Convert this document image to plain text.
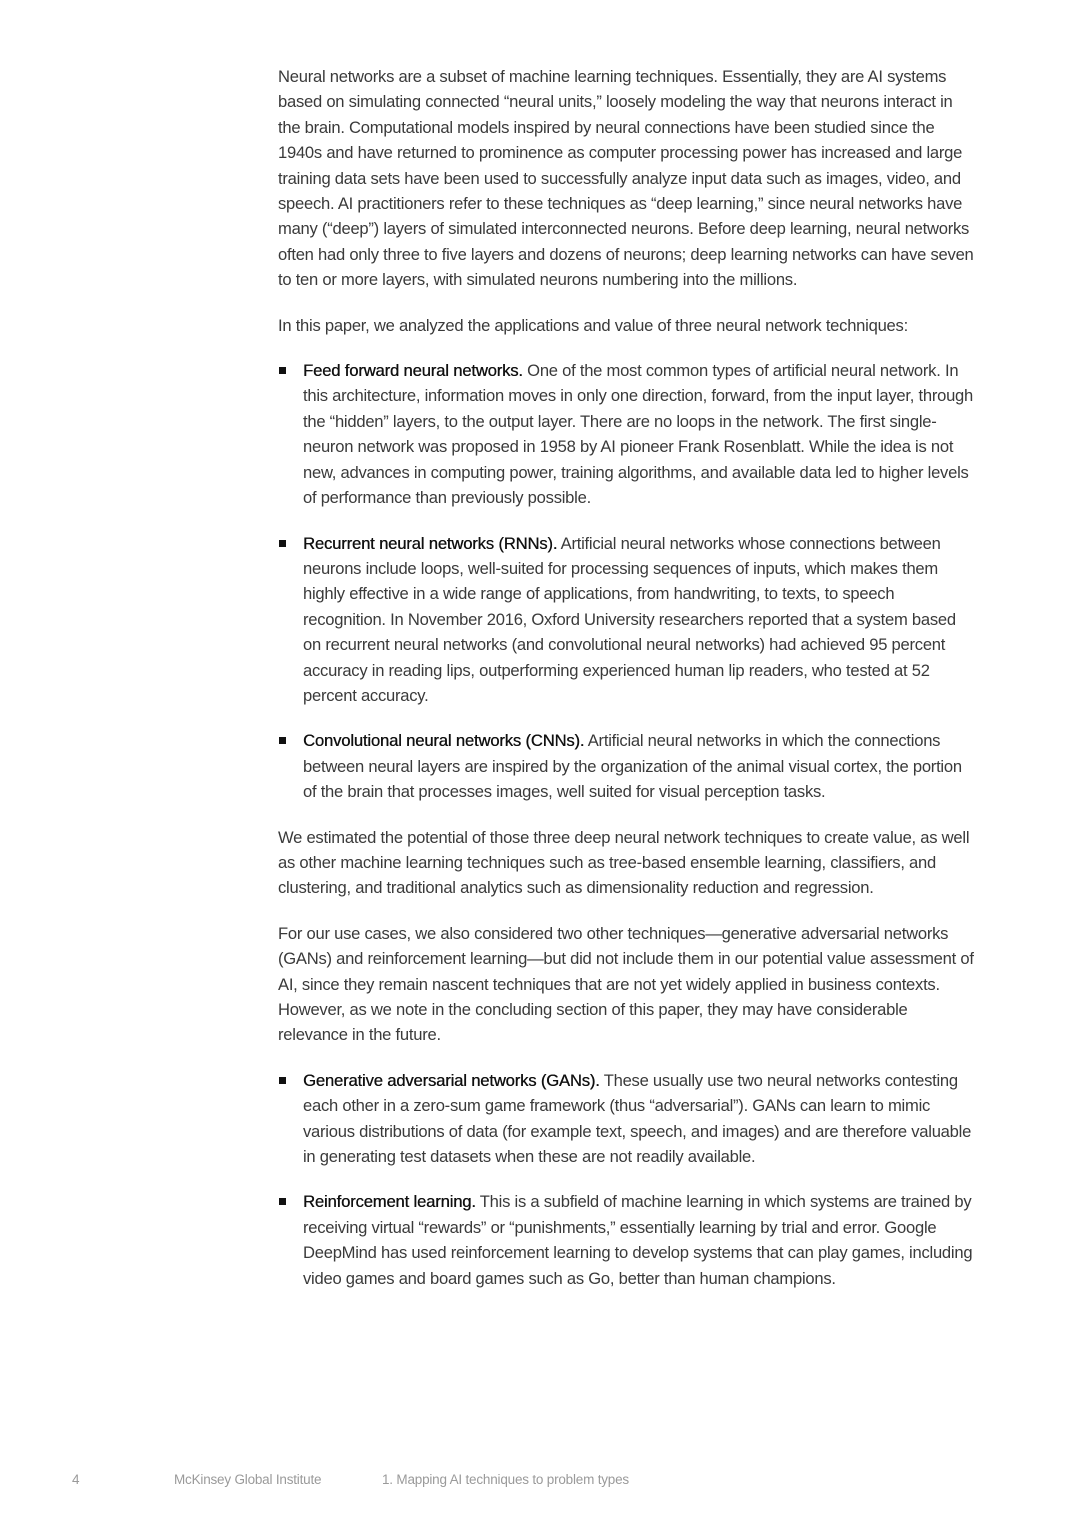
Neural networks are a subset of machine learning techniques. Essentially, they are AI systems based on simulating connected “neural units,” loosely modeling the way that neurons interact in the brain. Computational models inspired by neural connections have been studied since the 1940s and have returned to prominence as computer processing power has increased and large training data sets have been used to successfully analyze input data such as images, video, and speech. AI practitioners refer to these techniques as “deep learning,” since neural networks have many (“deep”) layers of simulated interconnected neurons. Before deep learning, neural networks often had only three to five layers and dozens of neurons; deep learning networks can have seven to ten or more layers, with simulated neurons numbering into the millions.

In this paper, we analyzed the applications and value of three neural network techniques:

Feed forward neural networks. One of the most common types of artificial neural network. In this architecture, information moves in only one direction, forward, from the input layer, through the “hidden” layers, to the output layer. There are no loops in the network. The first single-neuron network was proposed in 1958 by AI pioneer Frank Rosenblatt. While the idea is not new, advances in computing power, training algorithms, and available data led to higher levels of performance than previously possible.
Recurrent neural networks (RNNs). Artificial neural networks whose connections between neurons include loops, well-suited for processing sequences of inputs, which makes them highly effective in a wide range of applications, from handwriting, to texts, to speech recognition. In November 2016, Oxford University researchers reported that a system based on recurrent neural networks (and convolutional neural networks) had achieved 95 percent accuracy in reading lips, outperforming experienced human lip readers, who tested at 52 percent accuracy.
Convolutional neural networks (CNNs). Artificial neural networks in which the connections between neural layers are inspired by the organization of the animal visual cortex, the portion of the brain that processes images, well suited for visual perception tasks.

We estimated the potential of those three deep neural network techniques to create value, as well as other machine learning techniques such as tree-based ensemble learning, classifiers, and clustering, and traditional analytics such as dimensionality reduction and regression.

For our use cases, we also considered two other techniques—generative adversarial networks (GANs) and reinforcement learning—but did not include them in our potential value assessment of AI, since they remain nascent techniques that are not yet widely applied in business contexts. However, as we note in the concluding section of this paper, they may have considerable relevance in the future.

Generative adversarial networks (GANs). These usually use two neural networks contesting each other in a zero-sum game framework (thus “adversarial”). GANs can learn to mimic various distributions of data (for example text, speech, and images) and are therefore valuable in generating test datasets when these are not readily available.
Reinforcement learning. This is a subfield of machine learning in which systems are trained by receiving virtual “rewards” or “punishments,” essentially learning by trial and error. Google DeepMind has used reinforcement learning to develop systems that can play games, including video games and board games such as Go, better than human champions.
4	McKinsey Global Institute	1. Mapping AI techniques to problem types
